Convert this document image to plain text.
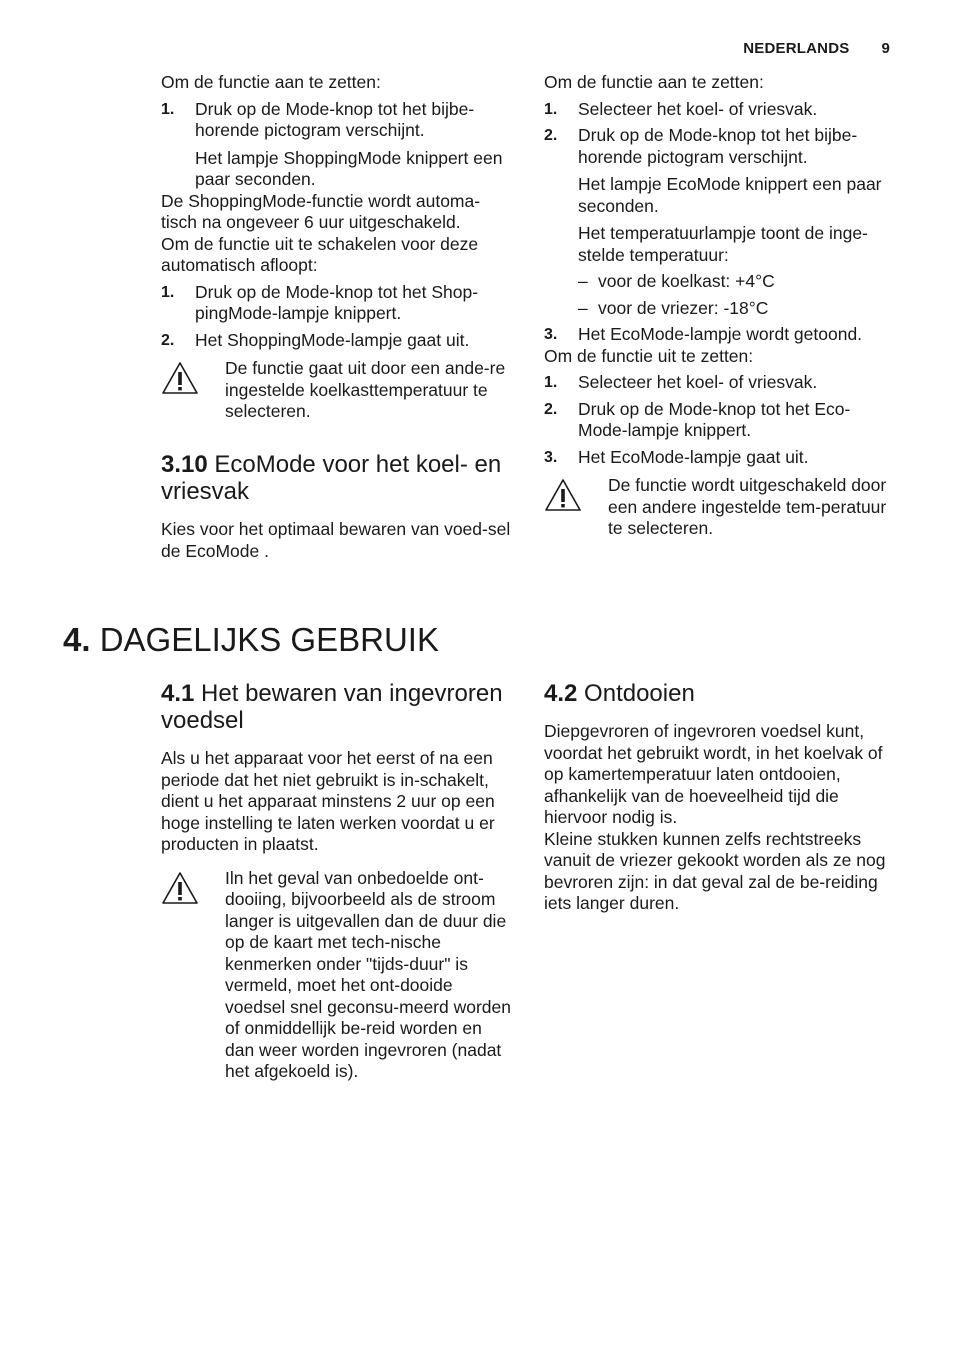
NEDERLANDS 9

Om de functie aan te zetten:

1.	Druk op de Mode-knop tot het bijbe-horende pictogram verschijnt.

Het lampje ShoppingMode knippert een paar seconden.

De ShoppingMode-functie wordt automa-tisch na ongeveer 6 uur uitgeschakeld.

Om de functie uit te schakelen voor deze automatisch afloopt:

1.	Druk op de Mode-knop tot het Shop-pingMode-lampje knippert.
2.	Het ShoppingMode-lampje gaat uit.
De functie gaat uit door een ande-re ingestelde koelkasttemperatuur te selecteren.
3.10 EcoMode voor het koel- en vriesvak

Kies voor het optimaal bewaren van voed-sel de EcoMode .

Om de functie aan te zetten:

1.	Selecteer het koel- of vriesvak.
2.	Druk op de Mode-knop tot het bijbe-horende pictogram verschijnt.

Het lampje EcoMode knippert een paar seconden.

Het temperatuurlampje toont de inge-stelde temperatuur:

– voor de koelkast: +4°C
– voor de vriezer: -18°C
3.	Het EcoMode-lampje wordt getoond.

Om de functie uit te zetten:

1.	Selecteer het koel- of vriesvak.
2.	Druk op de Mode-knop tot het Eco-Mode-lampje knippert.
3.	Het EcoMode-lampje gaat uit.
De functie wordt uitgeschakeld door een andere ingestelde tem-peratuur te selecteren.
4. DAGELIJKS GEBRUIK
4.1 Het bewaren van ingevroren voedsel

Als u het apparaat voor het eerst of na een periode dat het niet gebruikt is in-schakelt, dient u het apparaat minstens 2 uur op een hoge instelling te laten werken voordat u er producten in plaatst.

Iln het geval van onbedoelde ont-dooiing, bijvoorbeeld als de stroom langer is uitgevallen dan de duur die op de kaart met tech-nische kenmerken onder "tijds-duur" is vermeld, moet het ont-dooide voedsel snel geconsu-meerd worden of onmiddellijk be-reid worden en dan weer worden ingevroren (nadat het afgekoeld is).
4.2 Ontdooien

Diepgevroren of ingevroren voedsel kunt, voordat het gebruikt wordt, in het koelvak of op kamertemperatuur laten ontdooien, afhankelijk van de hoeveelheid tijd die hiervoor nodig is.

Kleine stukken kunnen zelfs rechtstreeks vanuit de vriezer gekookt worden als ze nog bevroren zijn: in dat geval zal de be-reiding iets langer duren.
